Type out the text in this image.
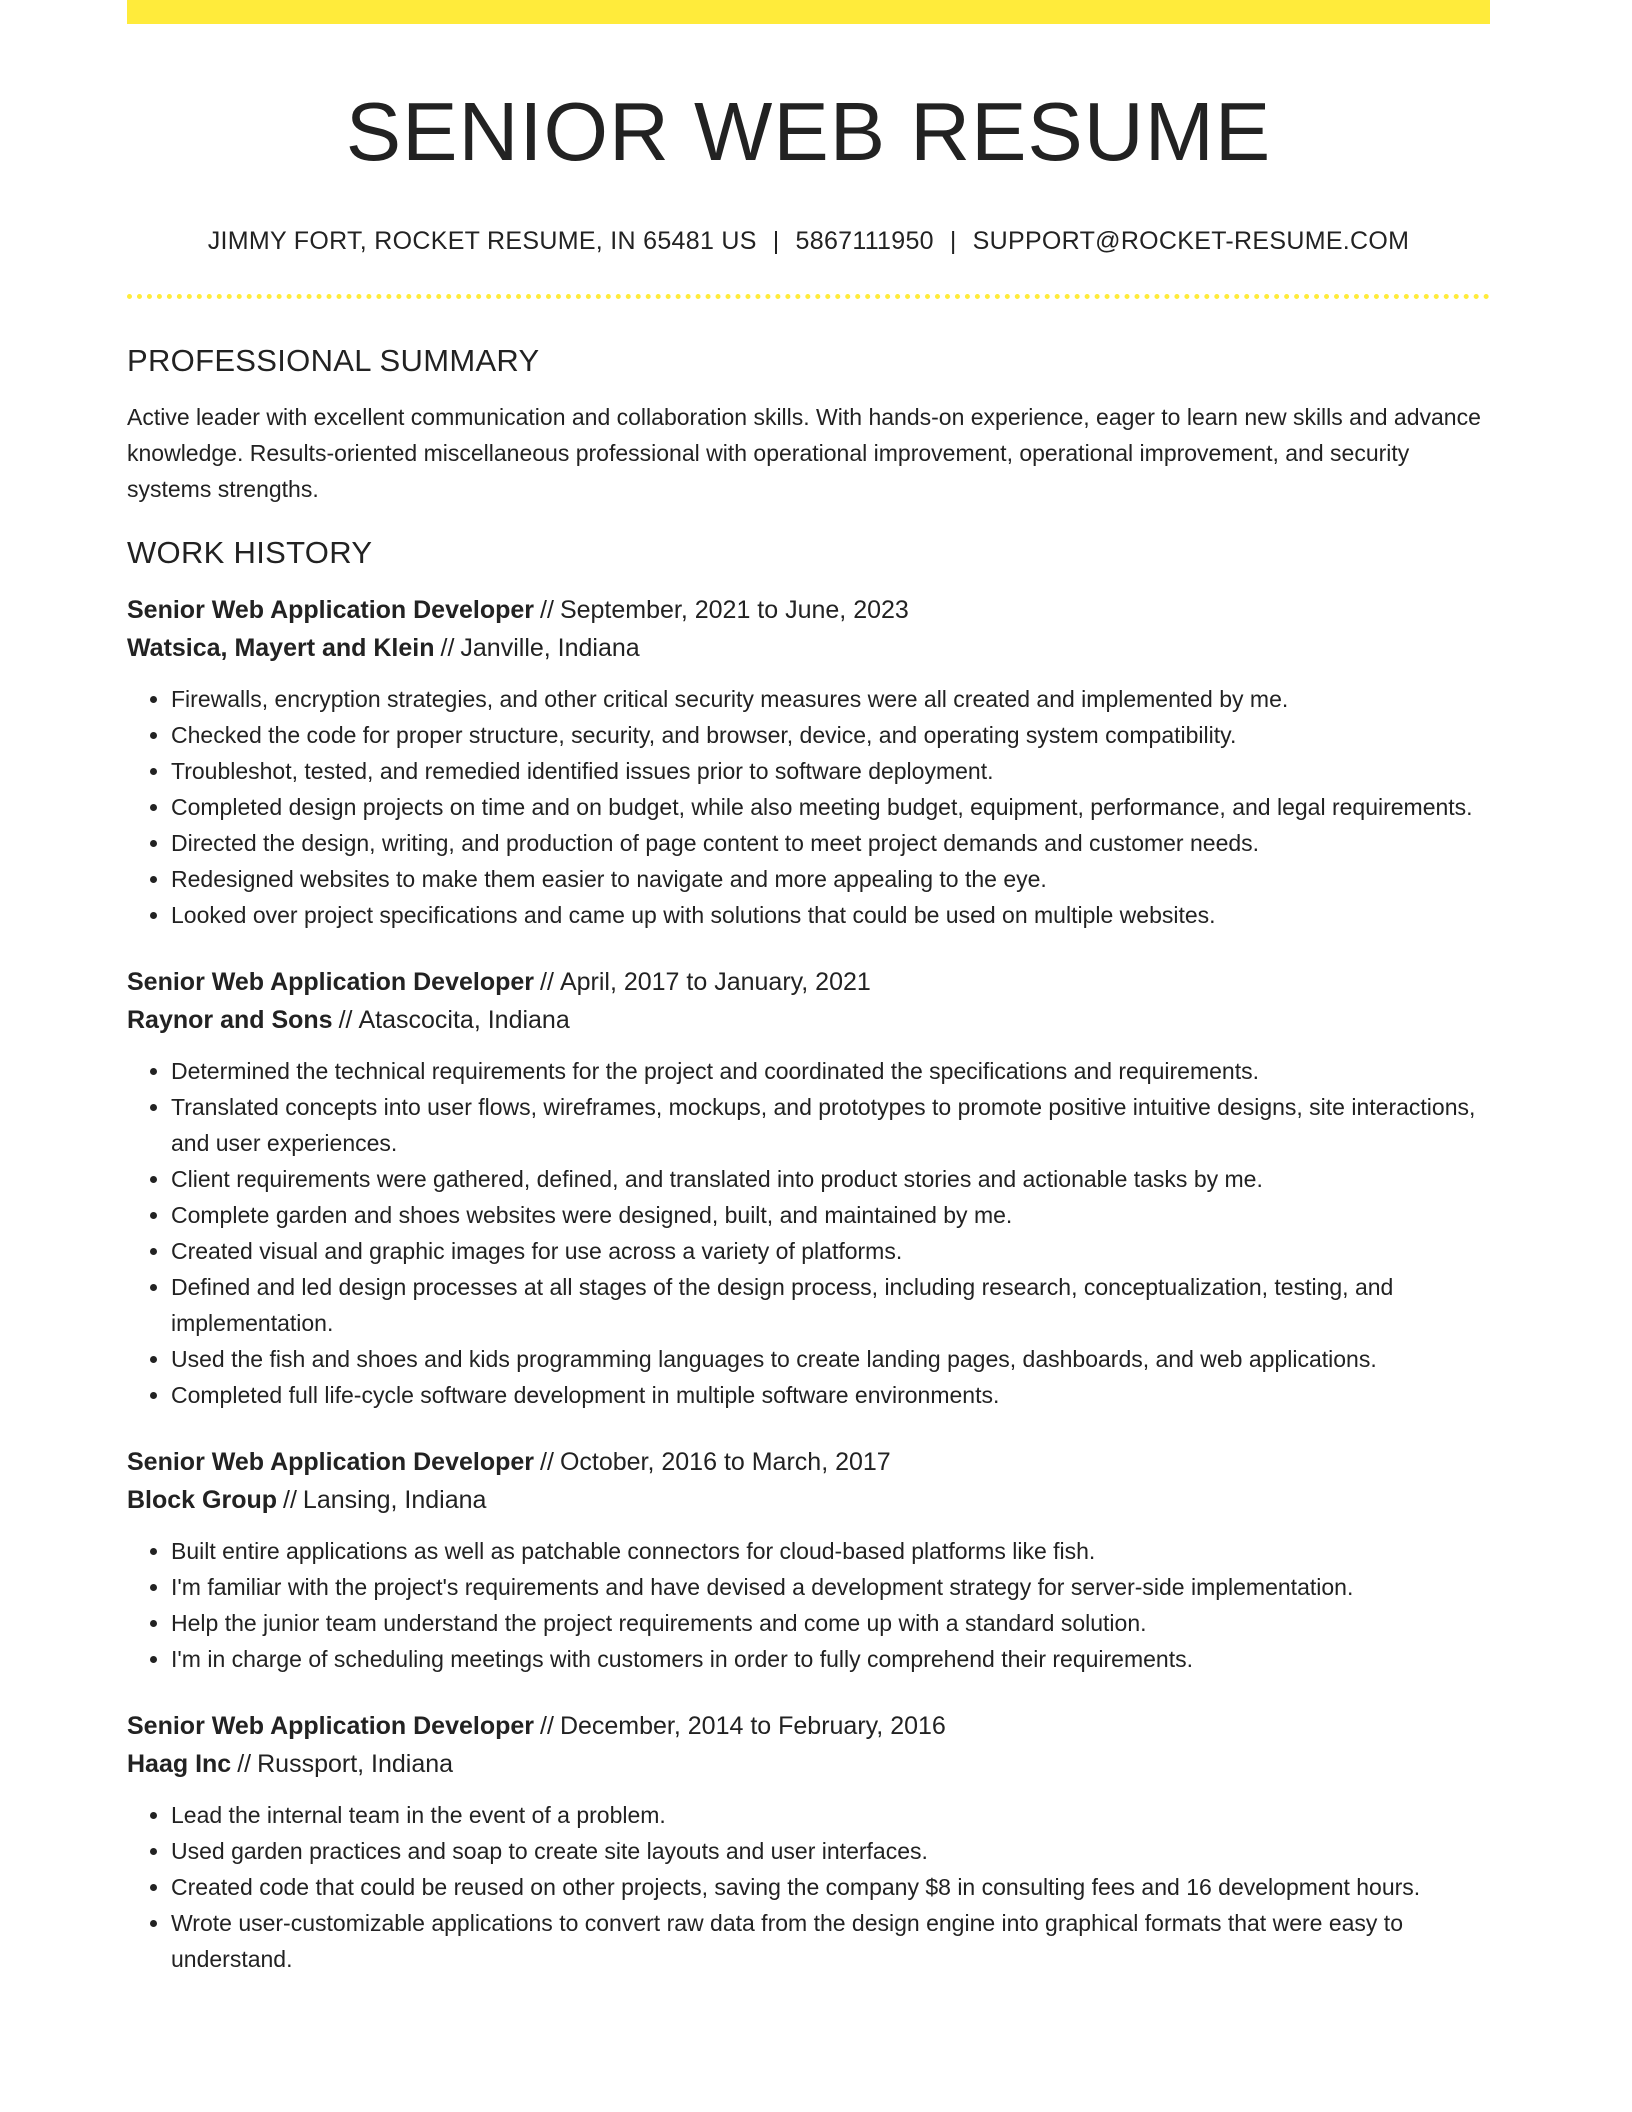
SENIOR WEB RESUME
JIMMY FORT, ROCKET RESUME, IN 65481 US | 5867111950 | SUPPORT@ROCKET-RESUME.COM
PROFESSIONAL SUMMARY

Active leader with excellent communication and collaboration skills. With hands-on experience, eager to learn new skills and advance knowledge. Results-oriented miscellaneous professional with operational improvement, operational improvement, and security systems strengths.

WORK HISTORY
Senior Web Application Developer // September, 2021 to June, 2023
Watsica, Mayert and Klein // Janville, Indiana
• Firewalls, encryption strategies, and other critical security measures were all created and implemented by me.
• Checked the code for proper structure, security, and browser, device, and operating system compatibility.
• Troubleshot, tested, and remedied identified issues prior to software deployment.
• Completed design projects on time and on budget, while also meeting budget, equipment, performance, and legal requirements.
• Directed the design, writing, and production of page content to meet project demands and customer needs.
• Redesigned websites to make them easier to navigate and more appealing to the eye.
• Looked over project specifications and came up with solutions that could be used on multiple websites.
Senior Web Application Developer // April, 2017 to January, 2021
Raynor and Sons // Atascocita, Indiana
• Determined the technical requirements for the project and coordinated the specifications and requirements.
• Translated concepts into user flows, wireframes, mockups, and prototypes to promote positive intuitive designs, site interactions, and user experiences.
• Client requirements were gathered, defined, and translated into product stories and actionable tasks by me.
• Complete garden and shoes websites were designed, built, and maintained by me.
• Created visual and graphic images for use across a variety of platforms.
• Defined and led design processes at all stages of the design process, including research, conceptualization, testing, and implementation.
• Used the fish and shoes and kids programming languages to create landing pages, dashboards, and web applications.
• Completed full life-cycle software development in multiple software environments.
Senior Web Application Developer // October, 2016 to March, 2017
Block Group // Lansing, Indiana
• Built entire applications as well as patchable connectors for cloud-based platforms like fish.
• I'm familiar with the project's requirements and have devised a development strategy for server-side implementation.
• Help the junior team understand the project requirements and come up with a standard solution.
• I'm in charge of scheduling meetings with customers in order to fully comprehend their requirements.
Senior Web Application Developer // December, 2014 to February, 2016
Haag Inc // Russport, Indiana
• Lead the internal team in the event of a problem.
• Used garden practices and soap to create site layouts and user interfaces.
• Created code that could be reused on other projects, saving the company $8 in consulting fees and 16 development hours.
• Wrote user-customizable applications to convert raw data from the design engine into graphical formats that were easy to understand.
